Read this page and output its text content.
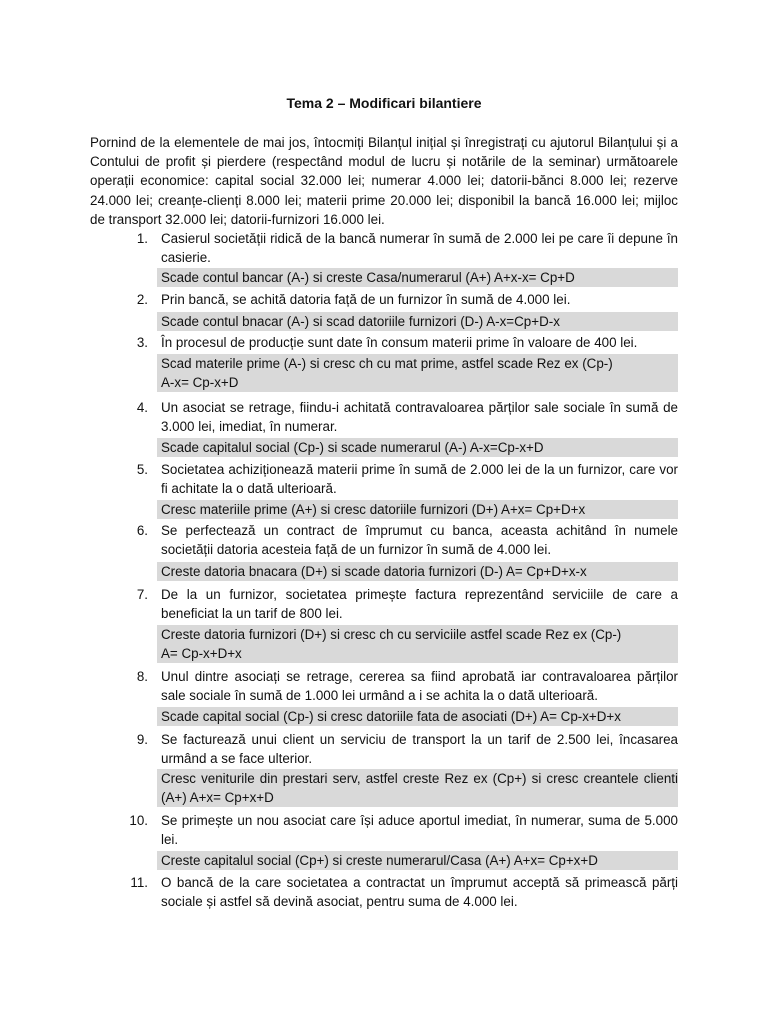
Tema 2 – Modificari bilantiere
Pornind de la elementele de mai jos, întocmiți Bilanțul inițial și înregistrați cu ajutorul Bilanțului și a Contului de profit și pierdere (respectând modul de lucru și notările de la seminar) următoarele operații economice: capital social 32.000 lei; numerar 4.000 lei; datorii-bănci 8.000 lei; rezerve 24.000 lei; creanțe-clienți 8.000 lei; materii prime 20.000 lei; disponibil la bancă 16.000 lei; mijloc de transport 32.000 lei; datorii-furnizori 16.000 lei.
1. Casierul societății ridică de la bancă numerar în sumă de 2.000 lei pe care îi depune în casierie.
Scade contul bancar (A-) si creste Casa/numerarul (A+) A+x-x= Cp+D
2. Prin bancă, se achită datoria față de un furnizor în sumă de 4.000 lei.
Scade contul bnacar (A-) si scad datoriile furnizori (D-) A-x=Cp+D-x
3. În procesul de producție sunt date în consum materii prime în valoare de 400 lei.
Scad materile prime (A-) si cresc ch cu mat prime, astfel scade Rez ex (Cp-)
A-x= Cp-x+D
4. Un asociat se retrage, fiindu-i achitată contravaloarea părților sale sociale în sumă de 3.000 lei, imediat, în numerar.
Scade capitalul social (Cp-) si scade numerarul (A-) A-x=Cp-x+D
5. Societatea achiziționează materii prime în sumă de 2.000 lei de la un furnizor, care vor fi achitate la o dată ulterioară.
Cresc materiile prime (A+) si cresc datoriile furnizori (D+) A+x= Cp+D+x
6. Se perfectează un contract de împrumut cu banca, aceasta achitând în numele societății datoria acesteia față de un furnizor în sumă de 4.000 lei.
Creste datoria bnacara (D+) si scade datoria furnizori (D-) A= Cp+D+x-x
7. De la un furnizor, societatea primește factura reprezentând serviciile de care a beneficiat la un tarif de 800 lei.
Creste datoria furnizori (D+) si cresc ch cu serviciile astfel scade Rez ex (Cp-)
A= Cp-x+D+x
8. Unul dintre asociați se retrage, cererea sa fiind aprobată iar contravaloarea părților sale sociale în sumă de 1.000 lei urmând a i se achita la o dată ulterioară.
Scade capital social (Cp-) si cresc datoriile fata de asociati (D+) A= Cp-x+D+x
9. Se facturează unui client un serviciu de transport la un tarif de 2.500 lei, încasarea urmând a se face ulterior.
Cresc veniturile din prestari serv, astfel creste Rez ex (Cp+) si cresc creantele clienti (A+) A+x= Cp+x+D
10. Se primește un nou asociat care își aduce aportul imediat, în numerar, suma de 5.000 lei.
Creste capitalul social (Cp+) si creste numerarul/Casa (A+) A+x= Cp+x+D
11. O bancă de la care societatea a contractat un împrumut acceptă să primească părți sociale și astfel să devină asociat, pentru suma de 4.000 lei.
